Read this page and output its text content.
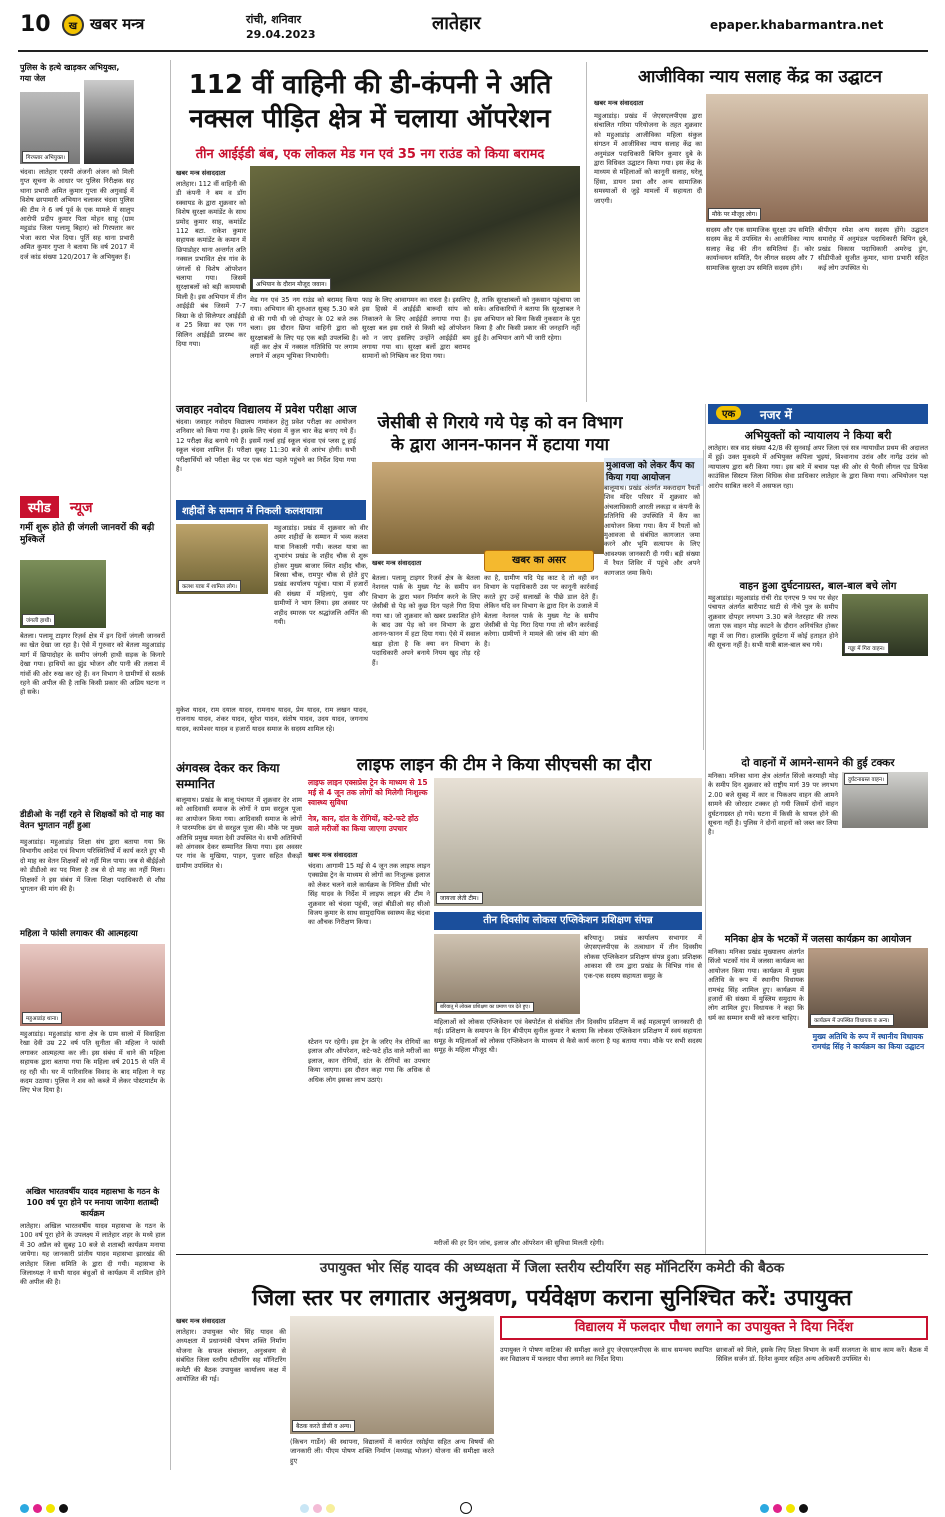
10	ख खबर मन्त्र	रांची, शनिवार
29.04.2023
लातेहार	epaper.khabarmantra.net
पुलिस के हत्थे खाड़कर अभियुक्त, गया जेल
गिरफ्तार अभियुक्त।
चंदवा। लातेहार एसपी अंजनी अंजन को मिली गुप्त सूचना के आधार पर पुलिस निरीक्षक सह थाना प्रभारी अमित कुमार गुप्ता की अगुवाई में विशेष छापामारी अभियान चलाकर चंदवा पुलिस की टीम ने 6 वर्ष पूर्व के एक मामले में सालुप आरोपी प्रदीप कुमार पिता मोहन साहू (ग्राम महुडांड जिला पलामू बिहार) को गिरफ्तार कर भेजा कारा भेज दिया। पूर्ति सह थाना प्रभारी अमित कुमार गुप्ता ने बताया कि वर्ष 2017 में दर्ज कांड संख्या 120/2017 के अभियुक्त हैं।
स्पीड न्यूज
गर्मी शुरू होते ही जंगली जानवरों की बढ़ी मुश्किलें
जंगली हाथी।
बेतला। पलामू टाइगर रिज़र्व क्षेत्र में इन दिनों जंगली जानवरों का खेत देखा जा रहा है। ऐसे में गुरुवार को बेतला महुआडांड़ मार्ग में छिपादोहर के समीप जंगली हाथी सड़क के किनारे देखा गया। हाथियों का झुंड भोजन और पानी की तलाश में गांवों की ओर रुख कर रहे हैं। वन विभाग ने ग्रामीणों से सतर्क रहने की अपील की है ताकि किसी प्रकार की अप्रिय घटना न हो सके।
डीडीओ के नहीं रहने से शिक्षकों को दो माह का वेतन भुगतान नहीं हुआ
महुआडांड़। महुआडांड़ शिक्षा संघ द्वारा बताया गया कि विभागीय आदेश एवं विभाग परिस्थितियों में कार्य करते हुए भी दो माह का वेतन शिक्षकों को नहीं मिल पाया। जब से बीईईओ को डीडीओ का पद मिला है तब से दो माह का नहीं मिला। शिक्षकों ने इस संबंध में जिला शिक्षा पदाधिकारी से शीघ्र भुगतान की मांग की है।
महिला ने फांसी लगाकर की आत्महत्या
महुआडांड़ थाना।
महुआडांड़। महुआडांड़ थाना क्षेत्र के ग्राम सालो में विवाहिता रेखा देवी उम्र 22 वर्ष पति सुनीता की महिला ने फांसी लगाकर आत्महत्या कर ली। इस संबंध में थाने की महिला सहायक द्वारा बताया गया कि महिला वर्ष 2015 से पति में रह रही थी। घर में पारिवारिक विवाद के बाद महिला ने यह कदम उठाया। पुलिस ने शव को कब्जे में लेकर पोस्टमार्टम के लिए भेज दिया है।
अखिल भारतवर्षीय यादव महासभा के गठन के 100 वर्ष पूरा होने पर मनाया जायेगा शताब्दी कार्यक्रम
लातेहार। अखिल भारतवर्षीय यादव महासभा के गठन के 100 वर्ष पूरा होने के उपलक्ष्य में लातेहार शहर के मध्ये हाल में 30 अप्रैल को सुबह 10 बजे से शताब्दी कार्यक्रम मनाया जायेगा। यह जानकारी प्रांतीय यादव महासभा झारखंड की लातेहार जिला समिति के द्वारा दी गयी। महासभा के जिलाध्यक्ष ने सभी यादव बंधुओं से कार्यक्रम में शामिल होने की अपील की है।
112 वीं वाहिनी की डी-कंपनी ने अति
नक्सल पीड़ित क्षेत्र में चलाया ऑपरेशन
तीन आईईडी बंब, एक लोकल मेड गन एवं 35 नग राउंड को किया बरामद
खबर मन्त्र संवाददाता
लातेहार। 112 वीं वाहिनी की डी कंपनी ने बम व डॉग स्क्वायड के द्वारा शुक्रवार को विशेष सुरक्षा कमांडेंट के साथ प्रमोद कुमार साह, कमांडेंट 112 बटा. राकेश कुमार सहायक कमांडेंट के कमान में छिपाडोहर थाना अन्तर्गत अति नक्सल प्रभावित क्षेत्र गांव के जंगलों से विशेष ऑपरेशन चलाया गया। जिसमें सुरक्षाबलों को बड़ी कामयाबी मिली है। इस अभियान में तीन आईईडी बंब जिसमें 7-7 किग्रा के दो सिलेण्डर आईईडी व 25 किग्रा का एक गन सिलिन आईईडी प्रारम्भ कर दिया गया।
अभियान के दौरान मौजूद जवान।
मेड गन एवं 35 नग राउंड को बरामद किया गया। अभियान की शुरुआत सुबह 5.30 बजे से की गयी थी जो दोपहर के 02 बजे तक चला। इस दौरान छिपा वाहिनी द्वारा को सुरक्षाबलों के लिए यह एक बड़ी उपलब्धि है। वहीं कर क्षेत्र में नक्सल गतिविधि पर लगाम लगाने में अहम भूमिका निभायेगी।
फाड़ के लिए आवागमन का रास्ता है। इसलिए इस हिस्से में आईईडी बारूदी सांप को निकालने के लिए आईईडी लगाया गया है। सुरक्षा बल इस रास्ते से किसी बड़े ऑपरेशन को न जाए इसलिए उन्होंने आईईडी बम लगाया गया था। सुरक्षा बलों द्वारा बरामद सामानों को निष्क्रिय कर दिया गया।
है, ताकि सुरक्षाबलों को नुकसान पहुंचाया जा सके। अधिकारियों ने बताया कि सुरक्षाबल ने इस अभियान को बिना किसी नुकसान के पूरा किया है और किसी प्रकार की जनहानि नहीं हुई है। अभियान आगे भी जारी रहेगा।
जवाहर नवोदय विद्यालय में प्रवेश परीक्षा आज
चंदवा। जवाहर नवोदय विद्यालय नामांकन हेतु प्रवेश परीक्षा का आयोजन शनिवार को किया गया है। इसके लिए चंदवा में कुल चार केंद्र बनाए गये हैं। 12 परीक्षा केंद्र बनाये गये हैं। इसमें गर्ल्स हाई स्कूल चंदवा एवं प्लस टू हाई स्कूल चंदवा शामिल हैं। परीक्षा सुबह 11:30 बजे से आरंभ होगी। सभी परीक्षार्थियों को परीक्षा केंद्र पर एक घंटा पहले पहुंचने का निर्देश दिया गया है।
शहीदों के सम्मान में निकली कलशयात्रा
कलश यात्रा में शामिल लोग।
महुआडांड़। प्रखंड में शुक्रवार को वीर अमर शहीदों के सम्मान में भव्य कलश यात्रा निकाली गयी। कलश यात्रा का शुभारंभ प्रखंड के शहीद चौक से शुरू होकर मुख्य बाजार स्थित शहीद चौक, बिरसा चौक, रामपुर चौक से होते हुए प्रखंड कार्यालय पहुंचा। यात्रा में हजारों की संख्या में महिलाएं, युवा और ग्रामीणों ने भाग लिया। इस अवसर पर शहीद स्मारक पर श्रद्धांजलि अर्पित की गयी।
मुकेश यादव, राम दयाल यादव, रामनाथ यादव, प्रेम यादव, राम लखन यादव, राजनाथ यादव, शंकर यादव, सुरेश यादव, संतोष यादव, उदय यादव, जगनाथ यादव, कामेश्वर यादव व हजारों यादव समाज के सदस्य शामिल रहे।
अंगवस्त्र देकर कर किया सम्मानित
बालूमाथ। प्रखंड के बालू पंचायत में शुक्रवार देर शाम को आदिवासी समाज के लोगों ने ग्राम सरहुल पूजा का आयोजन किया गया। आदिवासी समाज के लोगों ने पारम्परिक ढंग से सरहुल पूजा की। मौके पर मुख्य अतिथि प्रमुख ममता देवी उपस्थित थे। सभी अतिथियों को अंगवस्त्र देकर सम्मानित किया गया। इस अवसर पर गांव के मुखिया, पाहन, पुजार सहित सैकड़ों ग्रामीण उपस्थित थे।
जेसीबी से गिराये गये पेड़ को वन विभाग
के द्वारा आनन-फानन में हटाया गया
खबर मन्त्र संवाददाता	खबर का असर
बेतला। पलामू टाइगर रिजर्व क्षेत्र के बेतला नेशनल पार्क के मुख्य गेट के समीप वन विभाग के द्वारा भवन निर्माण करने के लिए जेसीबी से पेड़ को कुछ दिन पहले गिरा दिया गया था। जो शुक्रवार को खबर प्रकाशित होने के बाद उस पेड़ को वन विभाग के द्वारा आनन-फानन में हटा दिया गया। ऐसे में सवाल खड़ा होता है कि क्या वन विभाग के पदाधिकारी अपने बनाये नियम खुद तोड़ रहे हैं।
का है, ग्रामीण यदि पेड़ काट दे तो वही वन विभाग के पदाधिकारी उस पर कानूनी कार्रवाई करते हुए उन्हें सलाखों के पीछे डाल देते हैं। लेकिन यदि वन विभाग के द्वारा दिन के उजाले में बेतला नेशनल पार्क के मुख्य गेट के समीप जेसीबी से पेड़ गिरा दिया गया तो कौन कार्रवाई करेगा। ग्रामीणों ने मामले की जांच की मांग की है।
मुआवजा को लेकर कैंप का किया गया आयोजन
बालूमाथ। प्रखंड अंतर्गत मकरादाग रैयतों शिव मंदिर परिसर में शुक्रवार को अंचलाधिकारी आरती लकड़ा व कंपनी के प्रतिनिधि की उपस्थिति में कैंप का आयोजन किया गया। कैंप में रैयतों को मुआवजा से संबंधित कागजात जमा करने और भूमि सत्यापन के लिए आवश्यक जानकारी दी गयी। बड़ी संख्या में रैयत शिविर में पहुंचे और अपने कागजात जमा किये।
आजीविका न्याय सलाह केंद्र का उद्घाटन
खबर मन्त्र संवाददाता
महुआडांड़। प्रखंड में जेएसएलपीएस द्वारा संचालित गरिमा परियोजना के तहत शुक्रवार को महुआडांड़ आजीविका महिला संकुल संगठन में आजीविका न्याय सलाह केंद्र का अनुमंडल पदाधिकारी बिपिन कुमार दुबे के द्वारा विधिवत उद्घाटन किया गया। इस केंद्र के माध्यम से महिलाओं को कानूनी सलाह, घरेलू हिंसा, डायन प्रथा और अन्य सामाजिक समस्याओं से जुड़े मामलों में सहायता दी जाएगी।
मौके पर मौजूद लोग।
सदस्य और एक सामाजिक सुरक्षा उप समिति सदस्य केंद्र में उपस्थित थे। आजीविका न्याय सलाह केंद्र की तीन समितियां हैं। कोर कार्यान्वयन समिति, पैन लीगल सदस्य और 7 सामाजिक सुरक्षा उप समिति सदस्य होंगे।
बीपीएम रमेश अन्य सदस्य होंगे। उद्घाटन समारोह में अनुमंडल पदाधिकारी बिपिन दुबे, प्रखंड विकास पदाधिकारी अमरेन्द्र डुंग, सीडीपीओ सुजीत कुमार, थाना प्रभारी सहित कई लोग उपस्थित थे।
एक	नजर में
अभियुक्तों को न्यायालय ने किया बरी
लातेहार। सत्र वाद संख्या 42/8 की सुनवाई अपर जिला एवं सत्र न्यायाधीश प्रथम की अदालत में हुई। उक्त मुकदमे में अभियुक्त कपिला भुइयां, विश्वानाथ उरांव और नागेंद्र उरांव को न्यायालय द्वारा बरी किया गया। इस बारे में बचाव पक्ष की ओर से पैरवी लीगल एड डिफेंस काउंसिल सिस्टम जिला विधिक सेवा प्राधिकार लातेहार के द्वारा किया गया। अभियोजन पक्ष आरोप साबित करने में असफल रहा।
वाहन हुआ दुर्घटनाग्रस्त, बाल-बाल बचे लोग
महुआडांड़। महुआडांड़ रांची रोड एनएच 9 पथ पर सेहर पंचायत अंतर्गत बारीपाट घाटी से नीचे पुल के समीप शुक्रवार दोपहर लगभग 3.30 बजे नेतरहाट की तरफ जाता एक वाहन मोड़ काटने के दौरान अनियंत्रित होकर गड्ढा में जा गिरा। हालांकि दुर्घटना में कोई हताहत होने की सूचना नहीं है। सभी यात्री बाल-बाल बच गये।	गड्ढा में गिरा वाहन।
दो वाहनों में आमने-सामने की हुई टक्कर
मनिका। मनिका थाना क्षेत्र अंतर्गत सिंजो करमाही मोड़ के समीप दिन शुक्रवार को राष्ट्रीय मार्ग 39 पर लगभग 2.00 बजे सुबह में कार व पिकअप वाहन की आमने सामने की जोरदार टक्कर हो गयी जिसमें दोनों वाहन दुर्घटनाग्रस्त हो गये। घटना में किसी के घायल होने की सूचना नहीं है। पुलिस ने दोनों वाहनों को जब्त कर लिया है।
दुर्घटनाग्रस्त वाहन।
मनिका क्षेत्र के भटकों में जलसा कार्यक्रम का आयोजन
मनिका। मनिका प्रखंड मुख्यालय अंतर्गत सिंजो भटकों गांव में जलसा कार्यक्रम का आयोजन किया गया। कार्यक्रम में मुख्य अतिथि के रूप में स्थानीय विधायक रामचंद्र सिंह शामिल हुए। कार्यक्रम में हजारों की संख्या में मुस्लिम समुदाय के लोग शामिल हुए। विधायक ने कहा कि धर्म का सम्मान सभी को करना चाहिए।	कार्यक्रम में उपस्थित विधायक व अन्य।
मुख्य अतिथि के रूप में स्थानीय विधायक रामचंद्र सिंह ने कार्यक्रम का किया उद्घाटन
लाइफ लाइन की टीम ने किया सीएचसी का दौरा
लाइफ लाइन एक्सप्रेस ट्रेन के माध्यम से 15 मई से 4 जून तक लोगों को मिलेगी निःशुल्क स्वास्थ्य सुविधा
नेत्र, कान, दांत के रोगियों, कटे-फटे होंठ वाले मरीजों का किया जाएगा उपचार
जायजा लेती टीम।
खबर मन्त्र संवाददाता
चंदवा। आगामी 15 मई से 4 जून तक लाइफ लाइन एक्सप्रेस ट्रेन के माध्यम से लोगों का निःशुल्क इलाज को लेकर चलने वाले कार्यक्रम के निमित्त डीसी भोर सिंह यादव के निर्देश में लाइफ लाइन की टीम ने शुक्रवार को चंदवा पहुंची, जहां बीडीओ सह सीओ विजय कुमार के साथ सामुदायिक स्वास्थ्य केंद्र चंदवा का औचक निरीक्षण किया।
स्टेशन पर रहेगी। इस ट्रेन के जरिए नेत्र रोगियों का इलाज और ऑपरेशन, कटे-फटे होंठ वाले मरीजों का इलाज, कान रोगियों, दांत के रोगियों का उपचार किया जाएगा। इस दौरान कहा गया कि अधिक से अधिक लोग इसका लाभ उठाएं।
तीन दिवसीय लोकस एप्लिकेशन प्रशिक्षण संपन्न
बरियातू में लोकस प्रशिक्षण का प्रमाण पत्र देते हुए।
बरियातू। प्रखंड कार्यालय सभागार में जेएसएलपीएस के तत्वाधान में तीन दिवसीय लोकस एप्लिकेशन प्रशिक्षण संपन्न हुआ। प्रशिक्षक आकाश सी राम द्वारा प्रखंड के विभिन्न गांव से एक-एक सदस्य सहायता समूह के
महिलाओं को लोकस एप्लिकेशन एवं वेबपोर्टल से संबंधित तीन दिवसीय प्रशिक्षण में कई महत्वपूर्ण जानकारी दी गई। प्रशिक्षण के समापन के दिन बीपीएम सुनील कुमार ने बताया कि लोकस एप्लिकेशन प्रशिक्षण में स्वयं सहायता समूह के महिलाओं को लोकस एप्लिकेशन के माध्यम से कैसे कार्य करना है यह बताया गया। मौके पर सभी सदस्य समूह के महिला मौजूद थी।
मरीजों की हर दिन जांच, इलाज और ऑपरेशन की सुविधा मिलती रहेगी।
उपायुक्त भोर सिंह यादव की अध्यक्षता में जिला स्तरीय स्टीयरिंग सह मॉनिटरिंग कमेटी की बैठक
जिला स्तर पर लगातार अनुश्रवण, पर्यवेक्षण कराना सुनिश्चित करें: उपायुक्त
खबर मन्त्र संवाददाता
लातेहार। उपायुक्त भोर सिंह यादव की अध्यक्षता में प्रधानमंत्री पोषण शक्ति निर्माण योजना के सफल संचालन, अनुश्रवण से संबंधित जिला स्तरीय स्टीयरिंग सह मॉनिटरिंग कमेटी की बैठक उपायुक्त कार्यालय कक्ष में आयोजित की गई।
बैठक करते डीसी व अन्य।
(किचन गार्डेन) की स्थापना, विद्यालयों में कार्यरत रसोईया सहित अन्य विषयों की जानकारी ली। पीएम पोषण शक्ति निर्माण (मध्याह्न भोजन) योजना की समीक्षा करते हुए
विद्यालय में फलदार पौधा लगाने का उपायुक्त ने दिया निर्देश
उपायुक्त ने पोषण वाटिका की समीक्षा करते हुए जेएसएलपीएस के साथ समन्वय स्थापित कर विद्यालय में फलदार पौधा लगाने का निर्देश दिया।
छात्राओं को मिले, इसके लिए शिक्षा विभाग के कर्मी सजगता के साथ काम करें। बैठक में सिविल सर्जन डॉ. दिनेश कुमार सहित अन्य अधिकारी उपस्थित थे।
